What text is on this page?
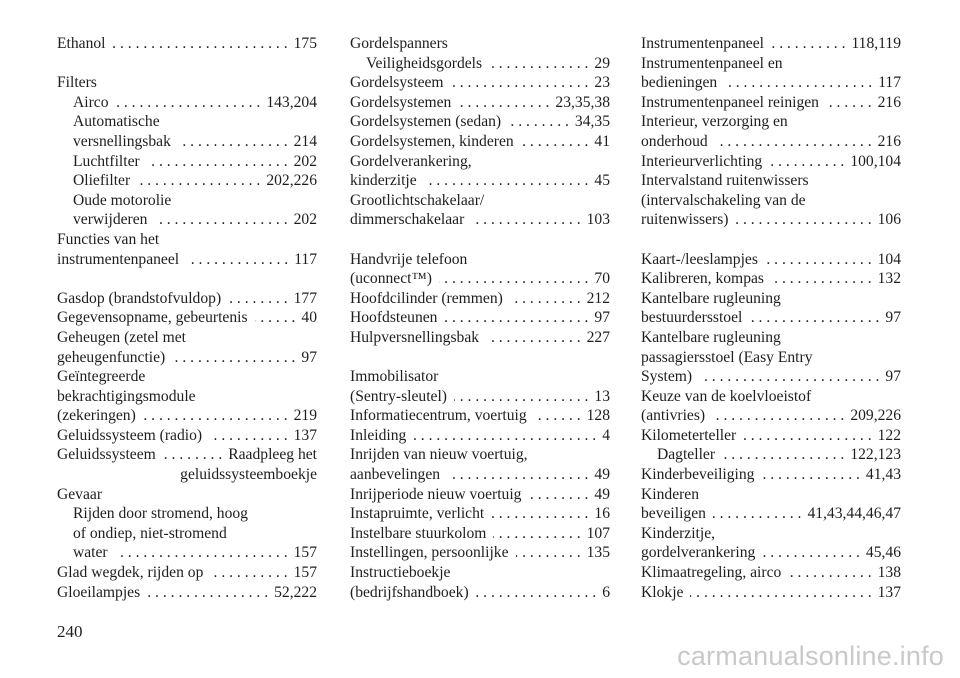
Ethanol . . .	175
Filters
Airco . . .	143,204
Automatische
versnellingsbak . . .	214
Luchtfilter . . .	202
Oliefilter . . .	202,226
Oude motorolie
verwijderen . . .	202
Functies van het
instrumentenpaneel . . .	117
Gasdop (brandstofvuldop) . . .	177
Gegevensopname, gebeurtenis . . .	40
Geheugen (zetel met
geheugenfunctie) . . .	97
Geïntegreerde
bekrachtigingsmodule
(zekeringen) . . .	219
Geluidssysteem (radio) . . .	137
Geluidssysteem . . .	Raadpleeg het
geluidssysteemboekje
Gevaar
Rijden door stromend, hoog
of ondiep, niet-stromend
water . . .	157
Glad wegdek, rijden op . . .	157
Gloeilampjes . . .	52,222
Gordelspanners
Veiligheidsgordels . . .	29
Gordelsysteem . . .	23
Gordelsystemen . . .	23,35,38
Gordelsystemen (sedan) . . .	34,35
Gordelsystemen, kinderen . . .	41
Gordelverankering,
kinderzitje . . .	45
Grootlichtschakelaar/
dimmerschakelaar . . .	103
Handvrije telefoon
(uconnect™) . . .	70
Hoofdcilinder (remmen) . . .	212
Hoofdsteunen . . .	97
Hulpversnellingsbak . . .	227
Immobilisator
(Sentry-sleutel) . . .	13
Informatiecentrum, voertuig . . .	128
Inleiding . . .	4
Inrijden van nieuw voertuig,
aanbevelingen . . .	49
Inrijperiode nieuw voertuig . . .	49
Instapruimte, verlicht . . .	16
Instelbare stuurkolom . . .	107
Instellingen, persoonlijke . . .	135
Instructieboekje
(bedrijfshandboek) . . .	6
Instrumentenpaneel . . .	118,119
Instrumentenpaneel en
bedieningen . . .	117
Instrumentenpaneel reinigen . . .	216
Interieur, verzorging en
onderhoud . . .	216
Interieurverlichting . . .	100,104
Intervalstand ruitenwissers
(intervalschakeling van de
ruitenwissers) . . .	106
Kaart-/leeslampjes . . .	104
Kalibreren, kompas . . .	132
Kantelbare rugleuning
bestuurdersstoel . . .	97
Kantelbare rugleuning
passagiersstoel (Easy Entry
System) . . .	97
Keuze van de koelvloeistof
(antivries) . . .	209,226
Kilometerteller . . .	122
Dagteller . . .	122,123
Kinderbeveiliging . . .	41,43
Kinderen
beveiligen . . .	41,43,44,46,47
Kinderzitje,
gordelverankering . . .	45,46
Klimaatregeling, airco . . .	138
Klokje . . .	137
240
carmanualsonline.info
